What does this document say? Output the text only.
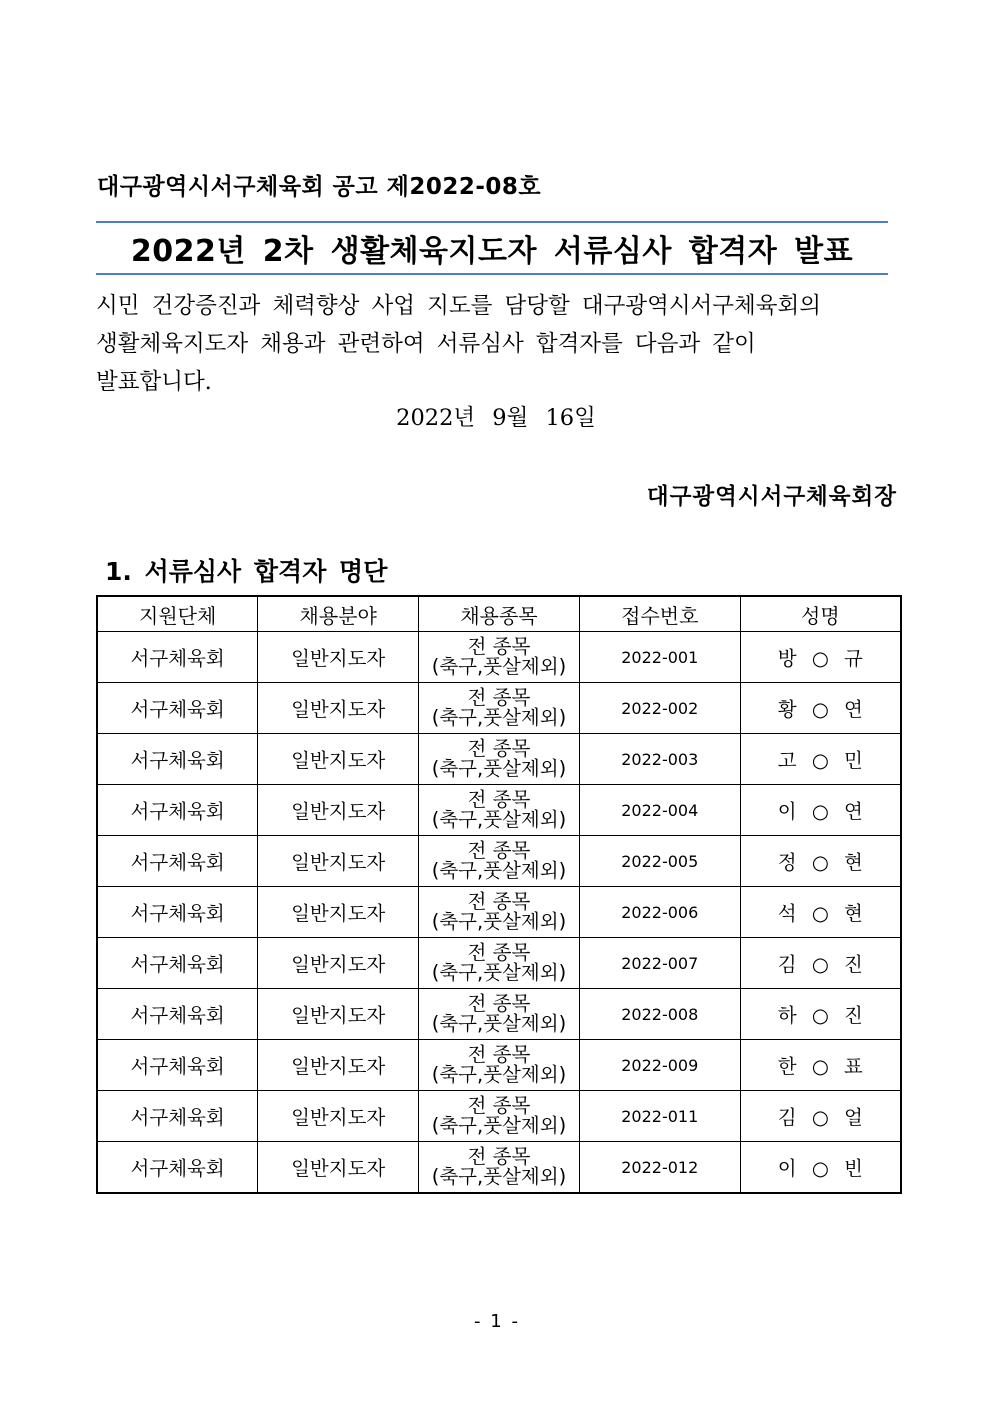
대구광역시서구체육회 공고 제2022-08호
2022년 2차 생활체육지도자 서류심사 합격자 발표
시민 건강증진과 체력향상 사업 지도를 담당할 대구광역시서구체육회의
생활체육지도자 채용과 관련하여 서류심사 합격자를 다음과 같이
발표합니다.
2022년 9월 16일
대구광역시서구체육회장
1. 서류심사 합격자 명단
지원단체	채용분야	채용종목	접수번호	성명
서구체육회	일반지도자	전 종목
(축구,풋살제외)	2022-001	방 ○ 규
서구체육회	일반지도자	전 종목
(축구,풋살제외)	2022-002	황 ○ 연
서구체육회	일반지도자	전 종목
(축구,풋살제외)	2022-003	고 ○ 민
서구체육회	일반지도자	전 종목
(축구,풋살제외)	2022-004	이 ○ 연
서구체육회	일반지도자	전 종목
(축구,풋살제외)	2022-005	정 ○ 현
서구체육회	일반지도자	전 종목
(축구,풋살제외)	2022-006	석 ○ 현
서구체육회	일반지도자	전 종목
(축구,풋살제외)	2022-007	김 ○ 진
서구체육회	일반지도자	전 종목
(축구,풋살제외)	2022-008	하 ○ 진
서구체육회	일반지도자	전 종목
(축구,풋살제외)	2022-009	한 ○ 표
서구체육회	일반지도자	전 종목
(축구,풋살제외)	2022-011	김 ○ 얼
서구체육회	일반지도자	전 종목
(축구,풋살제외)	2022-012	이 ○ 빈
- 1 -
